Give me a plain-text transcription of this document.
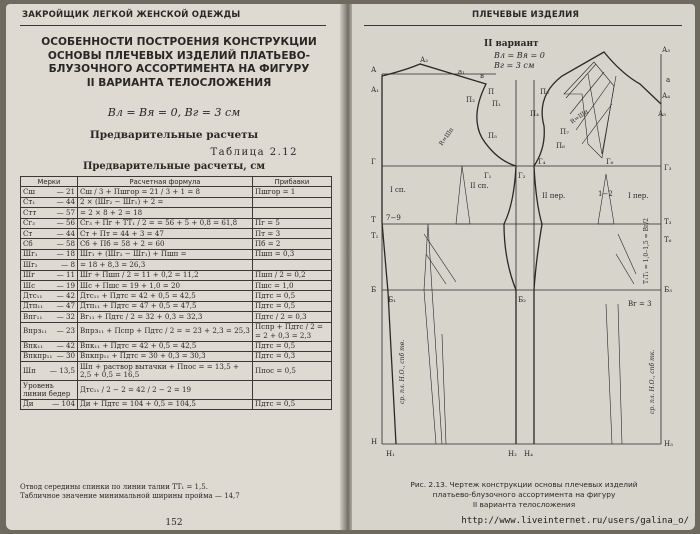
ЗАКРОЙЩИК ЛЕГКОЙ ЖЕНСКОЙ ОДЕЖДЫ
ОСОБЕННОСТИ ПОСТРОЕНИЯ КОНСТРУКЦИИ
ОСНОВЫ ПЛЕЧЕВЫХ ИЗДЕЛИЙ ПЛАТЬЕВО-
БЛУЗОЧНОГО АССОРТИМЕНТА НА ФИГУРУ
II ВАРИАНТА ТЕЛОСЛОЖЕНИЯ
Вл = Вя = 0, Вг = 3 см
Предварительные расчеты
Таблица 2.12
Предварительные расчеты, см
Мерки	Расчетная формула	Прибавки

Сш — 21	Сш / 3 + Пшгор = 21 / 3 + 1 = 8	Пшгор = 1

Ст₁ — 44	2 × (Шг₂ − Шг₁) + 2 =	

Стт — 57	= 2 × 8 + 2 = 18	

Сг₃ — 56	Сг₃ + Пг + ТТ₁ / 2 = = 56 + 5 + 0,8 = 61,8	Пг = 5

Ст — 44	Ст + Пт = 44 + 3 = 47	Пт = 3

Сб — 58	Сб + Пб = 58 + 2 = 60	Пб = 2

Шг₁ — 18	Шг₁ + (Шг₂ − Шг₁) + Пшп =	Пшп = 0,3

Шг₂ — 8	= 18 + 8,3 = 26,3	

Шг — 11	Шг + Пшп / 2 = 11 + 0,2 = 11,2	Пшп / 2 = 0,2

Шс — 19	Шс + Пшс = 19 + 1,0 = 20	Пшс = 1,0

Дтс₁₁ — 42	Дтс₁₁ + Пдтс = 42 + 0,5 = 42,5	Пдтс = 0,5

Дтп₁₁ — 47	Дтп₁₁ + Пдтс = 47 + 0,5 = 47,5	Пдтс = 0,5

Впг₁₁ — 32	Вг₁₁ + Пдтс / 2 = 32 + 0,3 = 32,3	Пдтс / 2 = 0,3

Впрз₁₁ — 23	Впрз₁₁ + Пспр + Пдтс / 2 = = 23 + 2,3 = 25,3	Пспр + Пдтс / 2 = = 2 + 0,3 = 2,3

Впк₁₁ — 42	Впк₁₁ + Пдтс = 42 + 0,5 = 42,5	Пдтс = 0,5

Впкпр₁₁ — 30	Впкпр₁₁ + Пдтс = 30 + 0,3 = 30,3	Пдтс = 0,3

Шп — 13,5	Шп + раствор вытачки + Ппос = = 13,5 + 2,5 + 0,5 = 16,5	Ппос = 0,5

Уровень линии бедер	Дтс₁₁ / 2 − 2 = 42 / 2 − 2 = 19	

Ди — 104	Ди + Пдтс = 104 + 0,5 = 104,5	Пдтс = 0,5
Отвод середины спинки по линии талии ТТ₁ = 1,5.
Табличное значение минимальной ширины пройма — 14,7
152
ПЛЕЧЕВЫЕ ИЗДЕЛИЯ
II вариант
Вл = Вя = 0
Вг = 3 см
А
А₁
А₂
А₃
а
А₄
А₅
а₁ в
П
П₁
П₂
П₃
П₄
П₅
П₆
П₇
Г
Г₁	Г₂
Г₄	Г₆
Г₃
I сп.	II сп.
II пер.	I пер.
7−9
1−2
R=Шп
R=Шп
Т
Т₁
Т₃
Т₆
Т₁Т₁ = 1,0–1,5 = Вг/2
Б
Б₁	Б₂
Б₃
Вг = 3
ср. пл. Н.О., спб тв.	ср. пл. Н.О., спб тк.
Н
Н₁	Н₂ Н₄
Н₃
Рис. 2.13. Чертеж конструкции основы плечевых изделий
платьево-блузочного ассортимента на фигуру
II варианта телосложения
http://www.liveinternet.ru/users/galina_o/
